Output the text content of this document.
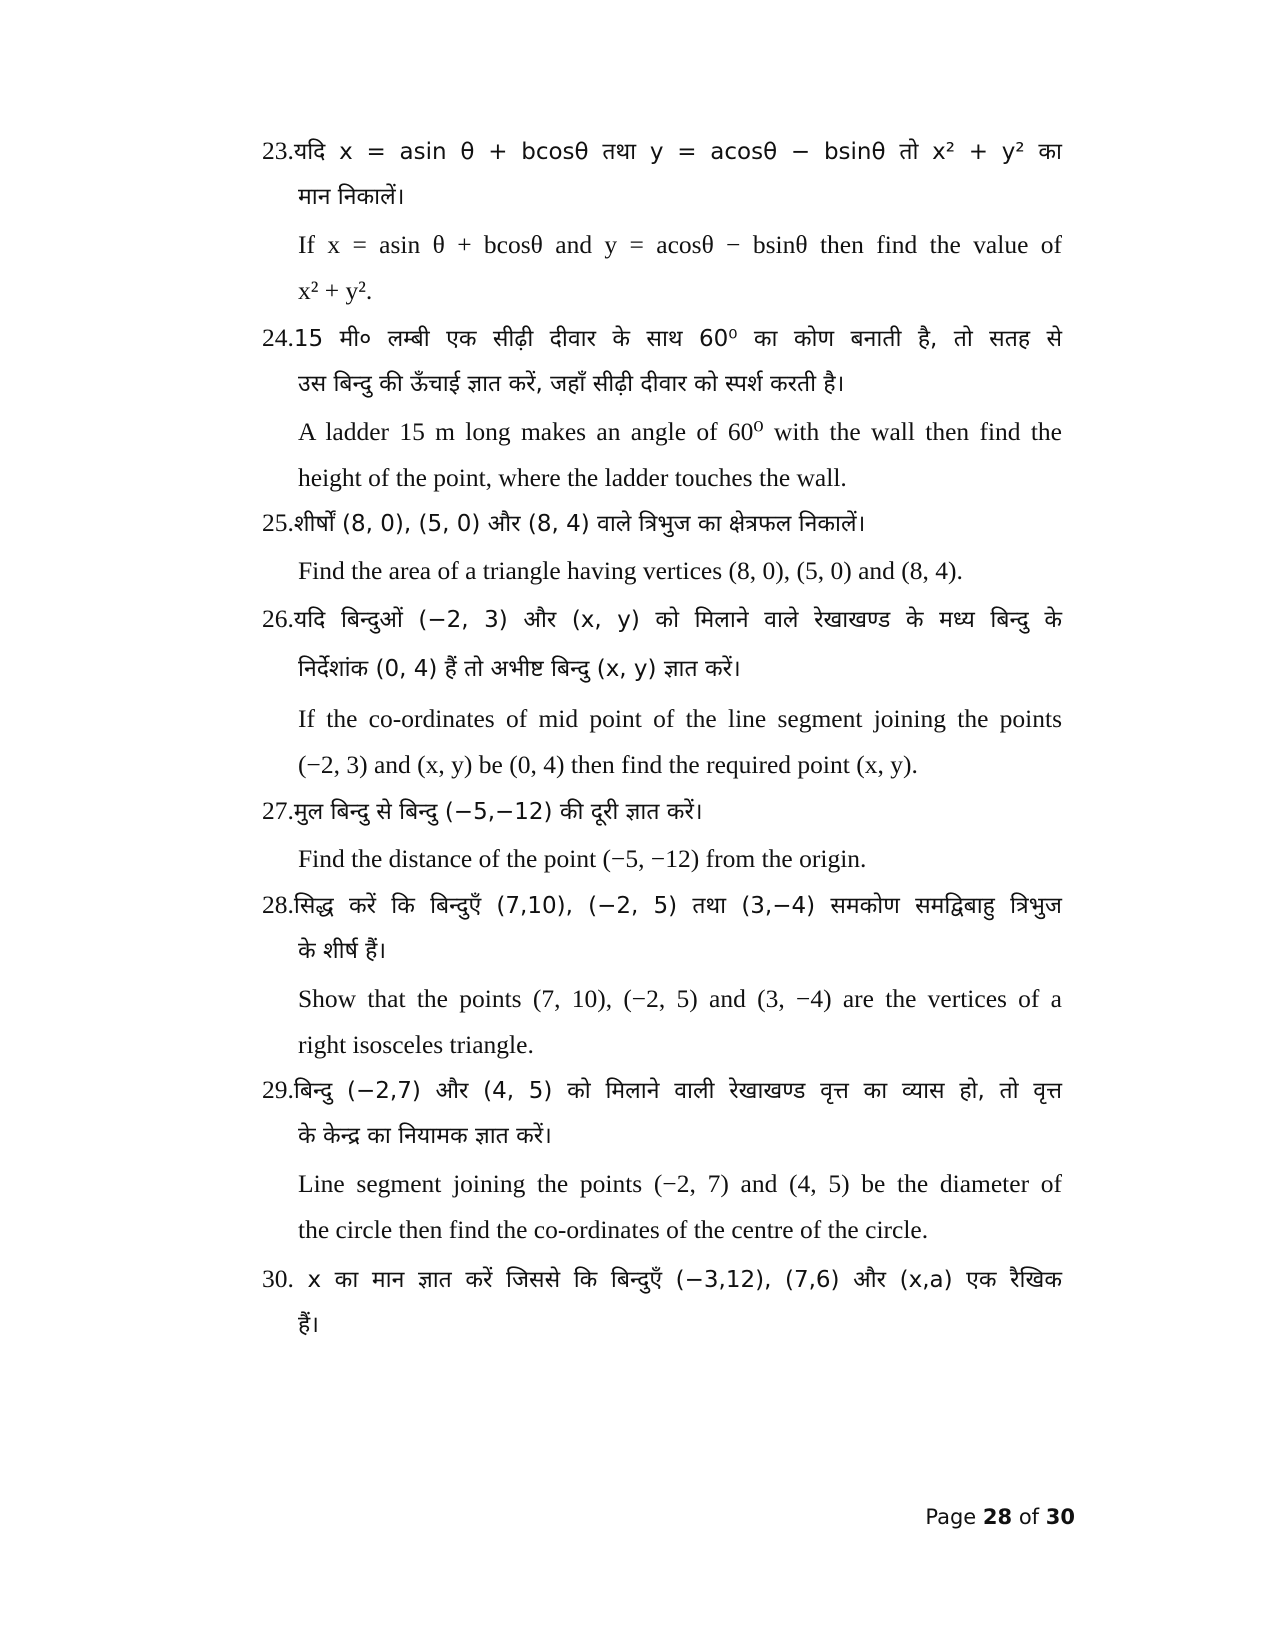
23.यदि x = asin θ + bcosθ तथा y = acosθ − bsinθ तो x² + y² का
मान निकालें।
If x = asin θ + bcosθ and y = acosθ − bsinθ then find the value of
x² + y².
24.15 मी० लम्बी एक सीढ़ी दीवार के साथ 60⁰ का कोण बनाती है, तो सतह से
उस बिन्दु की ऊँचाई ज्ञात करें, जहाँ सीढ़ी दीवार को स्पर्श करती है।
A ladder 15 m long makes an angle of 60⁰ with the wall then find the
height of the point, where the ladder touches the wall.
25.शीर्षों (8, 0), (5, 0) और (8, 4) वाले त्रिभुज का क्षेत्रफल निकालें।
Find the area of a triangle having vertices (8, 0), (5, 0) and (8, 4).
26.यदि बिन्दुओं (−2, 3) और (x, y) को मिलाने वाले रेखाखण्ड के मध्य बिन्दु के
निर्देशांक (0, 4) हैं तो अभीष्ट बिन्दु (x, y) ज्ञात करें।
If the co-ordinates of mid point of the line segment joining the points
(−2, 3) and (x, y) be (0, 4) then find the required point (x, y).
27.मुल बिन्दु से बिन्दु (−5,−12) की दूरी ज्ञात करें।
Find the distance of the point (−5, −12) from the origin.
28.सिद्ध करें कि बिन्दुएँ (7,10), (−2, 5) तथा (3,−4) समकोण समद्विबाहु त्रिभुज
के शीर्ष हैं।
Show that the points (7, 10), (−2, 5) and (3, −4) are the vertices of a
right isosceles triangle.
29.बिन्दु (−2,7) और (4, 5) को मिलाने वाली रेखाखण्ड वृत्त का व्यास हो, तो वृत्त
के केन्द्र का नियामक ज्ञात करें।
Line segment joining the points (−2, 7) and (4, 5) be the diameter of
the circle then find the co-ordinates of the centre of the circle.
30. x का मान ज्ञात करें जिससे कि बिन्दुएँ (−3,12), (7,6) और (x,a) एक रैखिक
हैं।
Page 28 of 30
